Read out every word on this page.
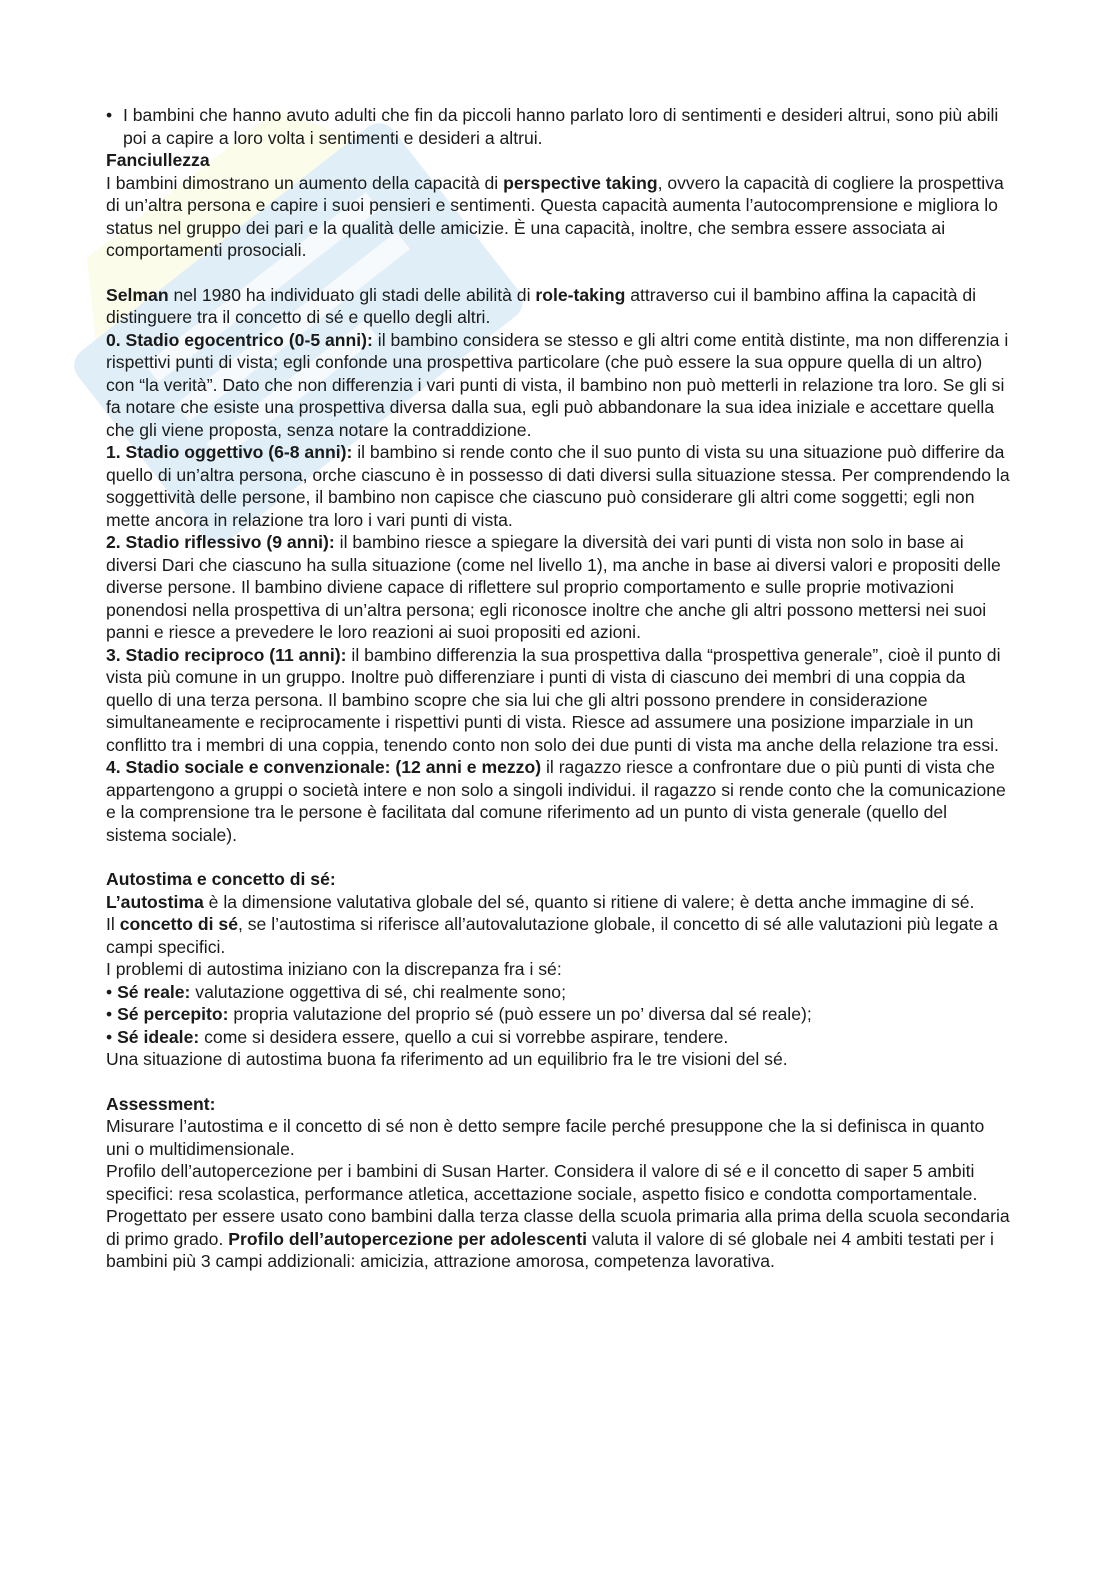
• I bambini che hanno avuto adulti che fin da piccoli hanno parlato loro di sentimenti e desideri altrui, sono più abili poi a capire a loro volta i sentimenti e desideri a altrui.

Fanciullezza

I bambini dimostrano un aumento della capacità di perspective taking, ovvero la capacità di cogliere la prospettiva di un’altra persona e capire i suoi pensieri e sentimenti. Questa capacità aumenta l’autocomprensione e migliora lo status nel gruppo dei pari e la qualità delle amicizie. È una capacità, inoltre, che sembra essere associata ai comportamenti prosociali.

Selman nel 1980 ha individuato gli stadi delle abilità di role-taking attraverso cui il bambino affina la capacità di distinguere tra il concetto di sé e quello degli altri.

0. Stadio egocentrico (0-5 anni): il bambino considera se stesso e gli altri come entità distinte, ma non differenzia i rispettivi punti di vista; egli confonde una prospettiva particolare (che può essere la sua oppure quella di un altro) con “la verità”. Dato che non differenzia i vari punti di vista, il bambino non può metterli in relazione tra loro. Se gli si fa notare che esiste una prospettiva diversa dalla sua, egli può abbandonare la sua idea iniziale e accettare quella che gli viene proposta, senza notare la contraddizione.

1. Stadio oggettivo (6-8 anni): il bambino si rende conto che il suo punto di vista su una situazione può differire da quello di un’altra persona, orche ciascuno è in possesso di dati diversi sulla situazione stessa. Per comprendendo la soggettività delle persone, il bambino non capisce che ciascuno può considerare gli altri come soggetti; egli non mette ancora in relazione tra loro i vari punti di vista.

2. Stadio riflessivo (9 anni): il bambino riesce a spiegare la diversità dei vari punti di vista non solo in base ai diversi Dari che ciascuno ha sulla situazione (come nel livello 1), ma anche in base ai diversi valori e propositi delle diverse persone. Il bambino diviene capace di riflettere sul proprio comportamento e sulle proprie motivazioni ponendosi nella prospettiva di un’altra persona; egli riconosce inoltre che anche gli altri possono mettersi nei suoi panni e riesce a prevedere le loro reazioni ai suoi propositi ed azioni.

3. Stadio reciproco (11 anni): il bambino differenzia la sua prospettiva dalla “prospettiva generale”, cioè il punto di vista più comune in un gruppo. Inoltre può differenziare i punti di vista di ciascuno dei membri di una coppia da quello di una terza persona. Il bambino scopre che sia lui che gli altri possono prendere in considerazione simultaneamente e reciprocamente i rispettivi punti di vista. Riesce ad assumere una posizione imparziale in un conflitto tra i membri di una coppia, tenendo conto non solo dei due punti di vista ma anche della relazione tra essi.

4. Stadio sociale e convenzionale: (12 anni e mezzo) il ragazzo riesce a confrontare due o più punti di vista che appartengono a gruppi o società intere e non solo a singoli individui. il ragazzo si rende conto che la comunicazione e la comprensione tra le persone è facilitata dal comune riferimento ad un punto di vista generale (quello del sistema sociale).

Autostima e concetto di sé:

L’autostima è la dimensione valutativa globale del sé, quanto si ritiene di valere; è detta anche immagine di sé.

Il concetto di sé, se l’autostima si riferisce all’autovalutazione globale, il concetto di sé alle valutazioni più legate a campi specifici.

I problemi di autostima iniziano con la discrepanza fra i sé:

• Sé reale: valutazione oggettiva di sé, chi realmente sono;

• Sé percepito: propria valutazione del proprio sé (può essere un po’ diversa dal sé reale);

• Sé ideale: come si desidera essere, quello a cui si vorrebbe aspirare, tendere.

Una situazione di autostima buona fa riferimento ad un equilibrio fra le tre visioni del sé.

Assessment:

Misurare l’autostima e il concetto di sé non è detto sempre facile perché presuppone che la si definisca in quanto uni o multidimensionale.

Profilo dell’autopercezione per i bambini di Susan Harter. Considera il valore di sé e il concetto di saper 5 ambiti specifici: resa scolastica, performance atletica, accettazione sociale, aspetto fisico e condotta comportamentale.

Progettato per essere usato cono bambini dalla terza classe della scuola primaria alla prima della scuola secondaria di primo grado. Profilo dell’autopercezione per adolescenti valuta il valore di sé globale nei 4 ambiti testati per i bambini più 3 campi addizionali: amicizia, attrazione amorosa, competenza lavorativa.
